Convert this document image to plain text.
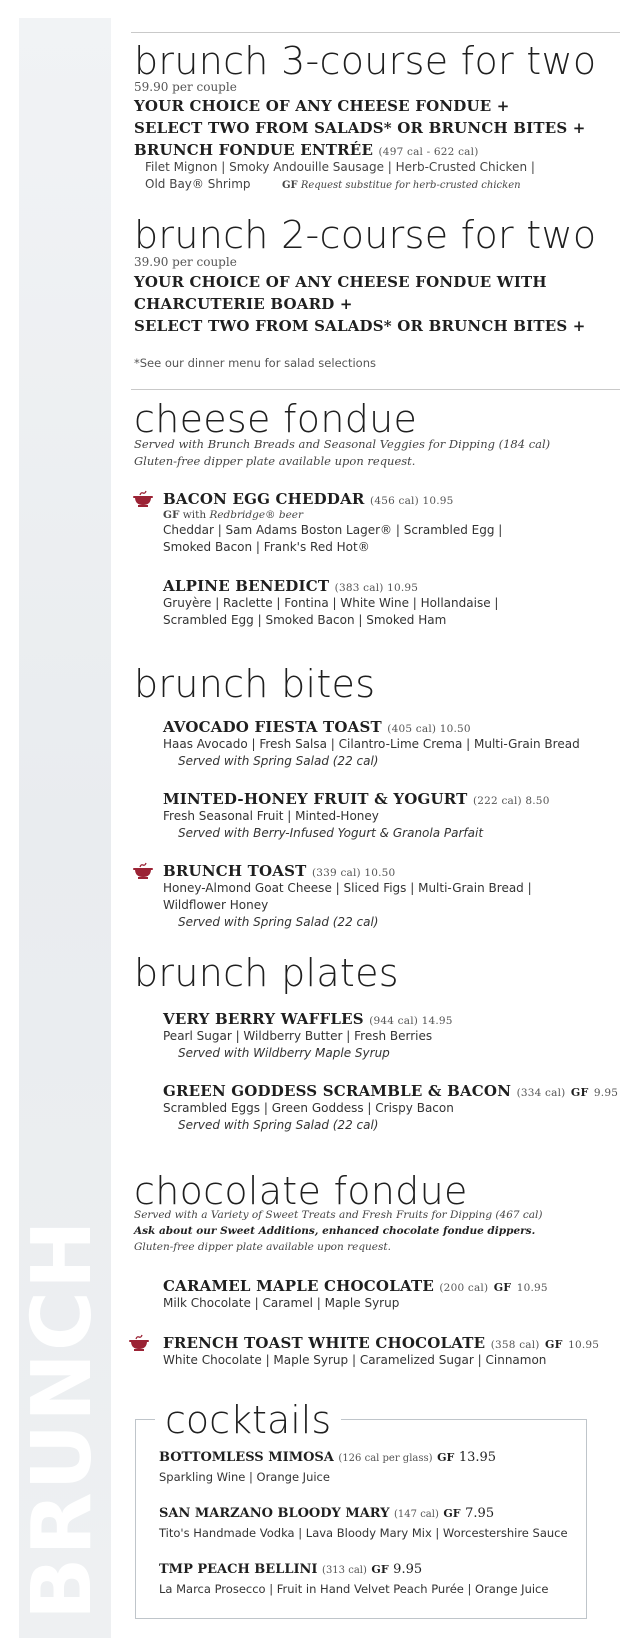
BRUNCH
brunch 3-course for two
59.90 per couple
YOUR CHOICE OF ANY CHEESE FONDUE +
SELECT TWO FROM SALADS* OR BRUNCH BITES +
BRUNCH FONDUE ENTRÉE (497 cal - 622 cal)
Filet Mignon | Smoky Andouille Sausage | Herb-Crusted Chicken |
Old Bay® Shrimp	GF Request substitue for herb-crusted chicken
brunch 2-course for two
39.90 per couple
YOUR CHOICE OF ANY CHEESE FONDUE WITH
CHARCUTERIE BOARD +
SELECT TWO FROM SALADS* OR BRUNCH BITES +
*See our dinner menu for salad selections
cheese fondue
Served with Brunch Breads and Seasonal Veggies for Dipping (184 cal)
Gluten-free dipper plate available upon request.
BACON EGG CHEDDAR (456 cal) 10.95
GF with Redbridge® beer
Cheddar | Sam Adams Boston Lager® | Scrambled Egg |
Smoked Bacon | Frank's Red Hot®
ALPINE BENEDICT (383 cal) 10.95
Gruyère | Raclette | Fontina | White Wine | Hollandaise |
Scrambled Egg | Smoked Bacon | Smoked Ham
brunch bites
AVOCADO FIESTA TOAST (405 cal) 10.50
Haas Avocado | Fresh Salsa | Cilantro-Lime Crema | Multi-Grain Bread
Served with Spring Salad (22 cal)
MINTED-HONEY FRUIT & YOGURT (222 cal) 8.50
Fresh Seasonal Fruit | Minted-Honey
Served with Berry-Infused Yogurt & Granola Parfait
BRUNCH TOAST (339 cal) 10.50
Honey-Almond Goat Cheese | Sliced Figs | Multi-Grain Bread |
Wildflower Honey
Served with Spring Salad (22 cal)
brunch plates
VERY BERRY WAFFLES (944 cal) 14.95
Pearl Sugar | Wildberry Butter | Fresh Berries
Served with Wildberry Maple Syrup
GREEN GODDESS SCRAMBLE & BACON (334 cal) GF 9.95
Scrambled Eggs | Green Goddess | Crispy Bacon
Served with Spring Salad (22 cal)
chocolate fondue
Served with a Variety of Sweet Treats and Fresh Fruits for Dipping (467 cal)
Ask about our Sweet Additions, enhanced chocolate fondue dippers.
Gluten-free dipper plate available upon request.
CARAMEL MAPLE CHOCOLATE (200 cal) GF 10.95
Milk Chocolate | Caramel | Maple Syrup
FRENCH TOAST WHITE CHOCOLATE (358 cal) GF 10.95
White Chocolate | Maple Syrup | Caramelized Sugar | Cinnamon
cocktails
BOTTOMLESS MIMOSA (126 cal per glass) GF 13.95
Sparkling Wine | Orange Juice
SAN MARZANO BLOODY MARY (147 cal) GF 7.95
Tito's Handmade Vodka | Lava Bloody Mary Mix | Worcestershire Sauce
TMP PEACH BELLINI (313 cal) GF 9.95
La Marca Prosecco | Fruit in Hand Velvet Peach Purée | Orange Juice
